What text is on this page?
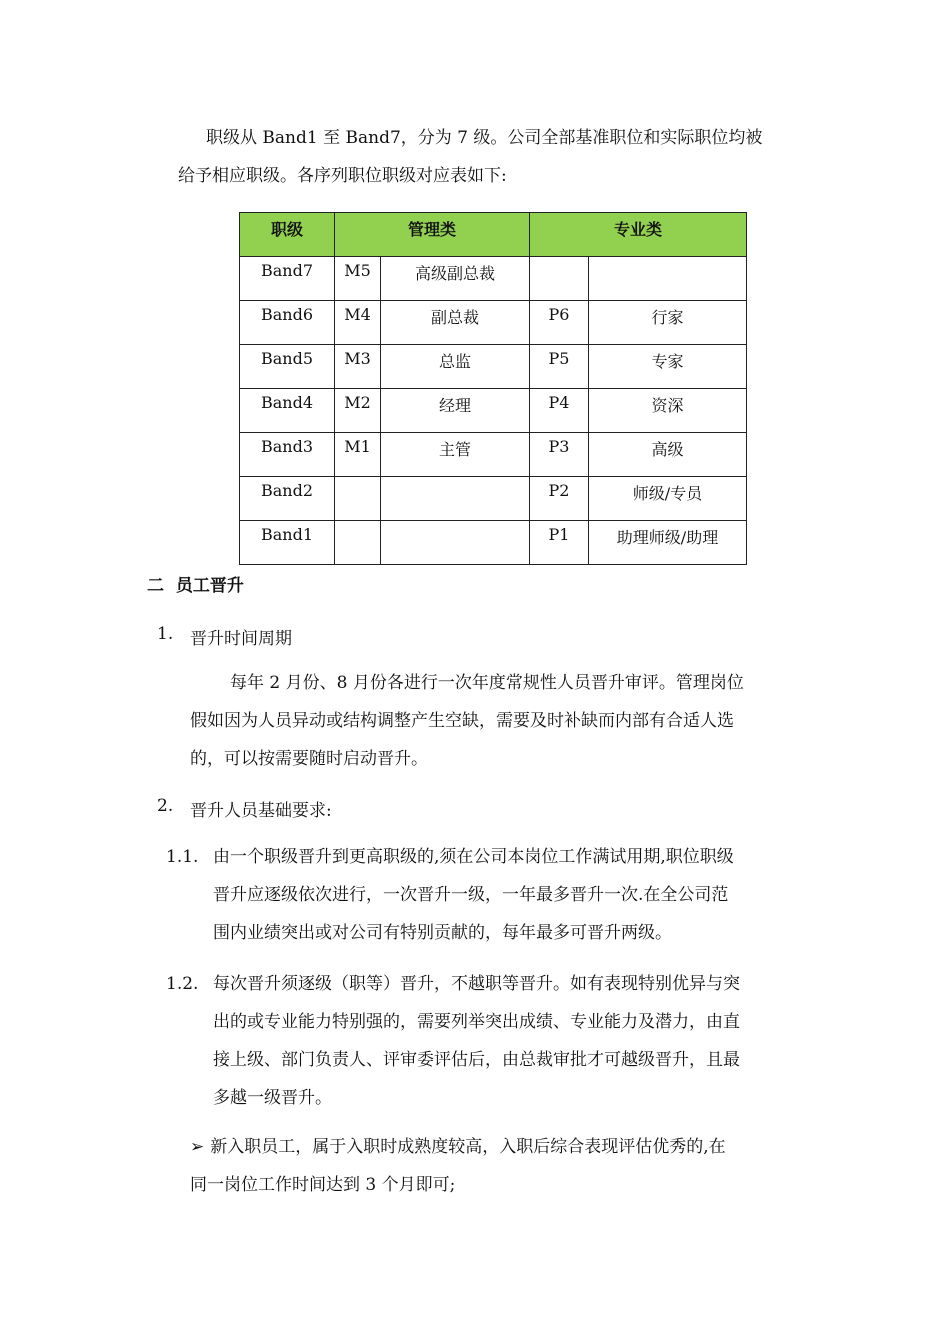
职级从 Band1 至 Band7，分为 7 级。公司全部基准职位和实际职位均被
给予相应职级。各序列职位职级对应表如下:
职级	管理类		专业类	
Band7	M5	高级副总裁		
Band6	M4	副总裁	P6	行家
Band5	M3	总监	P5	专家
Band4	M2	经理	P4	资深
Band3	M1	主管	P3	高级
Band2			P2	师级/专员
Band1			P1	助理师级/助理
二 员工晋升
1. 晋升时间周期
每年 2 月份、8 月份各进行一次年度常规性人员晋升审评。管理岗位
假如因为人员异动或结构调整产生空缺，需要及时补缺而内部有合适人选
的，可以按需要随时启动晋升。
2. 晋升人员基础要求:
1.1. 由一个职级晋升到更高职级的,须在公司本岗位工作满试用期,职位职级
晋升应逐级依次进行，一次晋升一级，一年最多晋升一次.在全公司范
围内业绩突出或对公司有特别贡献的，每年最多可晋升两级。
1.2. 每次晋升须逐级（职等）晋升，不越职等晋升。如有表现特别优异与突
出的或专业能力特别强的，需要列举突出成绩、专业能力及潜力，由直
接上级、部门负责人、评审委评估后，由总裁审批才可越级晋升，且最
多越一级晋升。
➢ 新入职员工，属于入职时成熟度较高，入职后综合表现评估优秀的,在
同一岗位工作时间达到 3 个月即可;
